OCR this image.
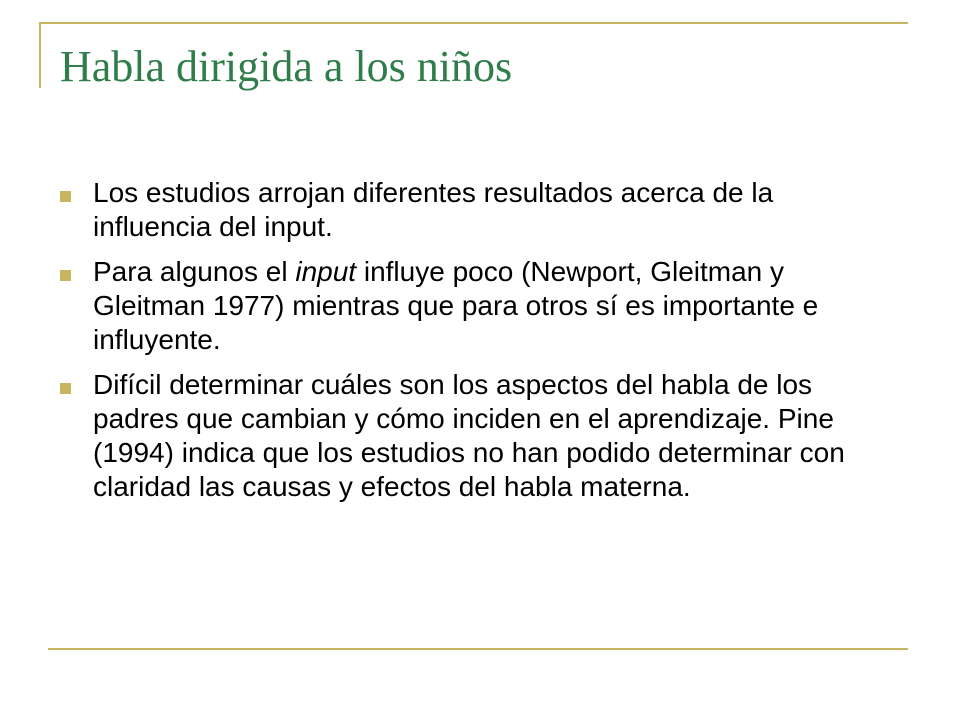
Habla dirigida a los niños
Los estudios arrojan diferentes resultados acerca de la influencia del input.
Para algunos el input influye poco (Newport, Gleitman y Gleitman 1977) mientras que para otros sí es importante e influyente.
Difícil determinar cuáles son los aspectos del habla de los padres que cambian y cómo inciden en el aprendizaje. Pine (1994) indica que los estudios no han podido determinar con claridad las causas y efectos del habla materna.
